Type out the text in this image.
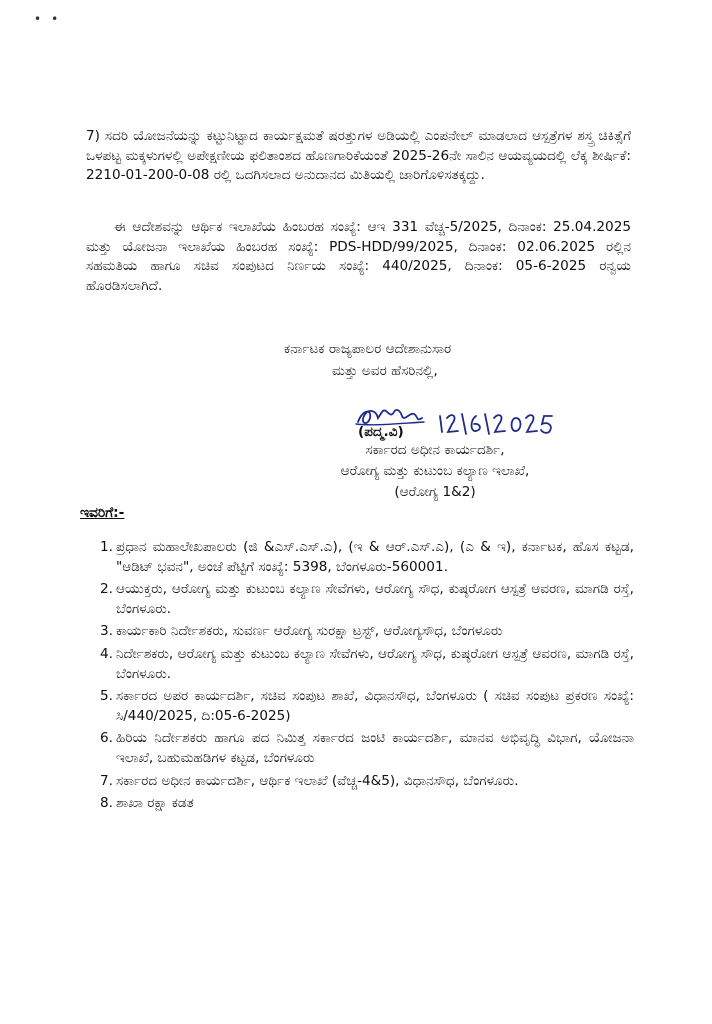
••
7) ಸದರಿ ಯೋಜನೆಯನ್ನು ಕಟ್ಟುನಿಟ್ಟಾದ ಕಾರ್ಯಕ್ಷಮತೆ ಷರತ್ತುಗಳ ಅಡಿಯಲ್ಲಿ ಎಂಪನೇಲ್ ಮಾಡಲಾದ ಆಸ್ಪತ್ರೆಗಳ ಶಸ್ತ್ರ ಚಿಕಿತ್ಸೆಗೆ ಒಳಪಟ್ಟ ಮಕ್ಕಳುಗಳಲ್ಲಿ ಅಪೇಕ್ಷಣೀಯ ಫಲಿತಾಂಶದ ಹೊಣಗಾರಿಕೆಯಂತೆ 2025-26ನೇ ಸಾಲಿನ ಆಯವ್ಯಯದಲ್ಲಿ ಲೆಕ್ಕ ಶೀರ್ಷಿಕೆ: 2210-01-200-0-08 ರಲ್ಲಿ ಒದಗಿಸಲಾದ ಅನುದಾನದ ಮಿತಿಯಲ್ಲಿ ಜಾರಿಗೊಳಿಸತಕ್ಕದ್ದು.
ಈ ಆದೇಶವನ್ನು ಆರ್ಥಿಕ ಇಲಾಖೆಯ ಹಿಂಬರಹ ಸಂಖ್ಯೆ: ಆಇ 331 ವೆಚ್ಚ-5/2025, ದಿನಾಂಕ: 25.04.2025 ಮತ್ತು ಯೋಜನಾ ಇಲಾಖೆಯ ಹಿಂಬರಹ ಸಂಖ್ಯೆ: PDS-HDD/99/2025, ದಿನಾಂಕ: 02.06.2025 ರಲ್ಲಿನ ಸಹಮತಿಯ ಹಾಗೂ ಸಚಿವ ಸಂಪುಟದ ನಿರ್ಣಯ ಸಂಖ್ಯೆ: 440/2025, ದಿನಾಂಕ: 05-6-2025 ರನ್ವಯ ಹೊರಡಿಸಲಾಗಿದೆ.
ಕರ್ನಾಟಕ ರಾಜ್ಯಪಾಲರ ಆದೇಶಾನುಸಾರ
ಮತ್ತು ಅವರ ಹೆಸರಿನಲ್ಲಿ,
(ಪದ್ಮ.ವಿ)
ಸರ್ಕಾರದ ಅಧೀನ ಕಾರ್ಯದರ್ಶಿ,
ಆರೋಗ್ಯ ಮತ್ತು ಕುಟುಂಬ ಕಲ್ಯಾಣ ಇಲಾಖೆ,
(ಆರೋಗ್ಯ 1&2)
ಇವರಿಗೆ:-
1. ಪ್ರಧಾನ ಮಹಾಲೇಖಪಾಲರು (ಜಿ &ಎಸ್.ಎಸ್.ಎ), (ಇ & ಆರ್.ಎಸ್.ಎ), (ಎ & ಇ), ಕರ್ನಾಟಕ, ಹೊಸ ಕಟ್ಟಡ, "ಆಡಿಟ್ ಭವನ", ಅಂಚೆ ಪೆಟ್ಟಿಗೆ ಸಂಖ್ಯೆ: 5398, ಬೆಂಗಳೂರು-560001.
2. ಆಯುಕ್ತರು, ಆರೋಗ್ಯ ಮತ್ತು ಕುಟುಂಬ ಕಲ್ಯಾಣ ಸೇವೆಗಳು, ಆರೋಗ್ಯ ಸೌಧ, ಕುಷ್ಠರೋಗ ಆಸ್ಪತ್ರೆ ಆವರಣ, ಮಾಗಡಿ ರಸ್ತೆ, ಬೆಂಗಳೂರು.
3. ಕಾರ್ಯಕಾರಿ ನಿರ್ದೇಶಕರು, ಸುವರ್ಣ ಆರೋಗ್ಯ ಸುರಕ್ಷಾ ಟ್ರಸ್ಟ್, ಆರೋಗ್ಯಸೌಧ, ಬೆಂಗಳೂರು
4. ನಿರ್ದೇಶಕರು, ಆರೋಗ್ಯ ಮತ್ತು ಕುಟುಂಬ ಕಲ್ಯಾಣ ಸೇವೆಗಳು, ಆರೋಗ್ಯ ಸೌಧ, ಕುಷ್ಠರೋಗ ಆಸ್ಪತ್ರೆ ಆವರಣ, ಮಾಗಡಿ ರಸ್ತೆ, ಬೆಂಗಳೂರು.
5. ಸರ್ಕಾರದ ಅಪರ ಕಾರ್ಯದರ್ಶಿ, ಸಚಿವ ಸಂಪುಟ ಶಾಖೆ, ವಿಧಾನಸೌಧ, ಬೆಂಗಳೂರು ( ಸಚಿವ ಸಂಪುಟ ಪ್ರಕರಣ ಸಂಖ್ಯೆ: ಸಿ/440/2025, ದಿ:05-6-2025)
6. ಹಿರಿಯ ನಿರ್ದೇಶಕರು ಹಾಗೂ ಪದ ನಿಮಿತ್ತ ಸರ್ಕಾರದ ಜಂಟಿ ಕಾರ್ಯದರ್ಶಿ, ಮಾನವ ಅಭಿವೃದ್ಧಿ ವಿಭಾಗ, ಯೋಜನಾ ಇಲಾಖೆ, ಬಹುಮಹಡಿಗಳ ಕಟ್ಟಡ, ಬೆಂಗಳೂರು
7. ಸರ್ಕಾರದ ಅಧೀನ ಕಾರ್ಯದರ್ಶಿ, ಆರ್ಥಿಕ ಇಲಾಖೆ (ವೆಚ್ಚ-4&5), ವಿಧಾನಸೌಧ, ಬೆಂಗಳೂರು.
8. ಶಾಖಾ ರಕ್ಷಾ ಕಡತ
